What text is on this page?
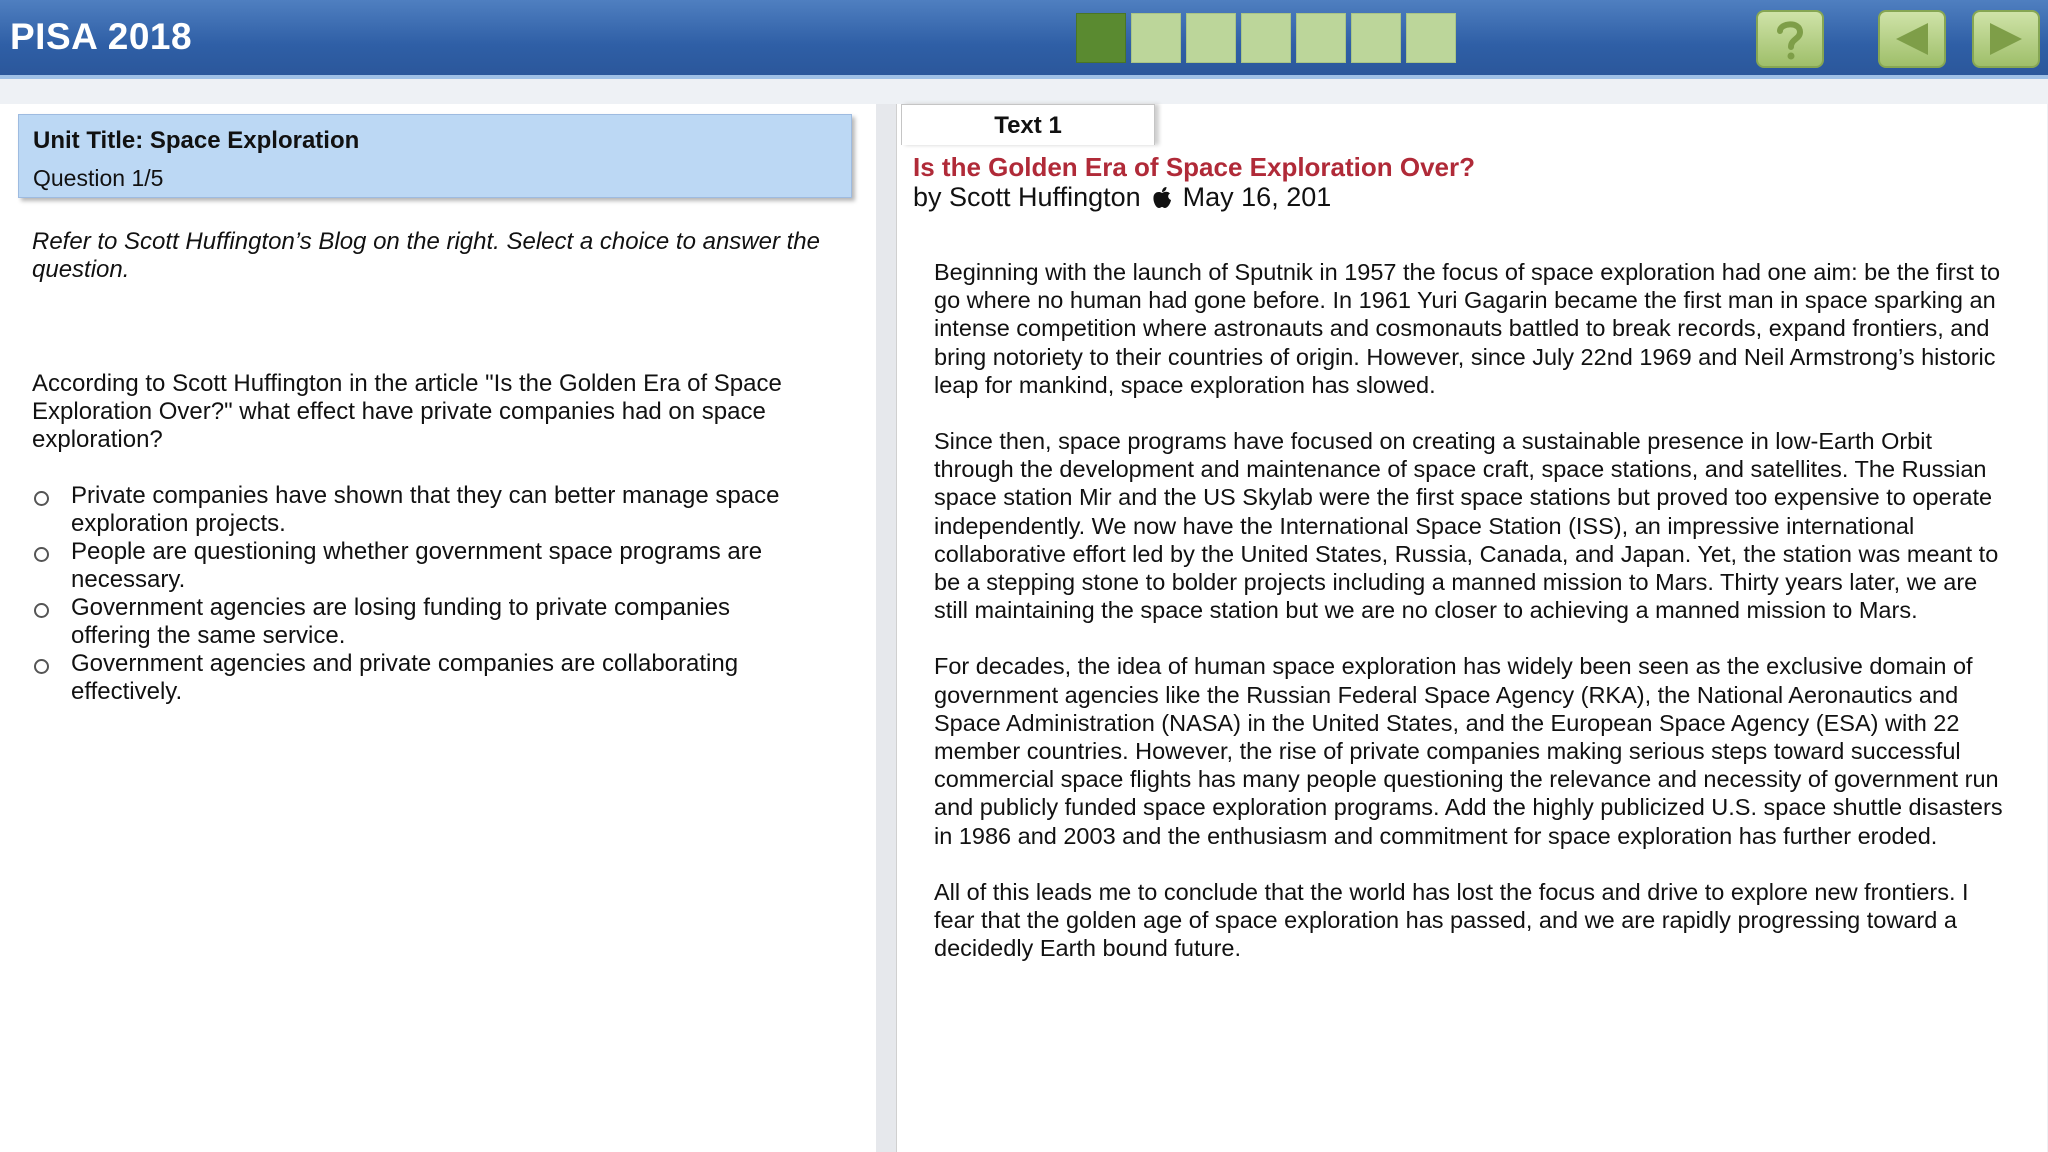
PISA 2018
Unit Title: Space Exploration
Question 1/5
Refer to Scott Huffington’s Blog on the right. Select a choice to answer the question.
According to Scott Huffington in the article "Is the Golden Era of Space Exploration Over?" what effect have private companies had on space exploration?
Private companies have shown that they can better manage space exploration projects.
People are questioning whether government space programs are necessary.
Government agencies are losing funding to private companies offering the same service.
Government agencies and private companies are collaborating effectively.
Text 1
Is the Golden Era of Space Exploration Over?
by Scott Huffington May 16, 201

Beginning with the launch of Sputnik in 1957 the focus of space exploration had one aim: be the first to go where no human had gone before. In 1961 Yuri Gagarin became the first man in space sparking an intense competition where astronauts and cosmonauts battled to break records, expand frontiers, and bring notoriety to their countries of origin. However, since July 22nd 1969 and Neil Armstrong’s historic leap for mankind, space exploration has slowed.

Since then, space programs have focused on creating a sustainable presence in low-Earth Orbit through the development and maintenance of space craft, space stations, and satellites. The Russian space station Mir and the US Skylab were the first space stations but proved too expensive to operate independently. We now have the International Space Station (ISS), an impressive international collaborative effort led by the United States, Russia, Canada, and Japan. Yet, the station was meant to be a stepping stone to bolder projects including a manned mission to Mars. Thirty years later, we are still maintaining the space station but we are no closer to achieving a manned mission to Mars.

For decades, the idea of human space exploration has widely been seen as the exclusive domain of government agencies like the Russian Federal Space Agency (RKA), the National Aeronautics and Space Administration (NASA) in the United States, and the European Space Agency (ESA) with 22 member countries. However, the rise of private companies making serious steps toward successful commercial space flights has many people questioning the relevance and necessity of government run and publicly funded space exploration programs. Add the highly publicized U.S. space shuttle disasters in 1986 and 2003 and the enthusiasm and commitment for space exploration has further eroded.

All of this leads me to conclude that the world has lost the focus and drive to explore new frontiers. I fear that the golden age of space exploration has passed, and we are rapidly progressing toward a decidedly Earth bound future.
